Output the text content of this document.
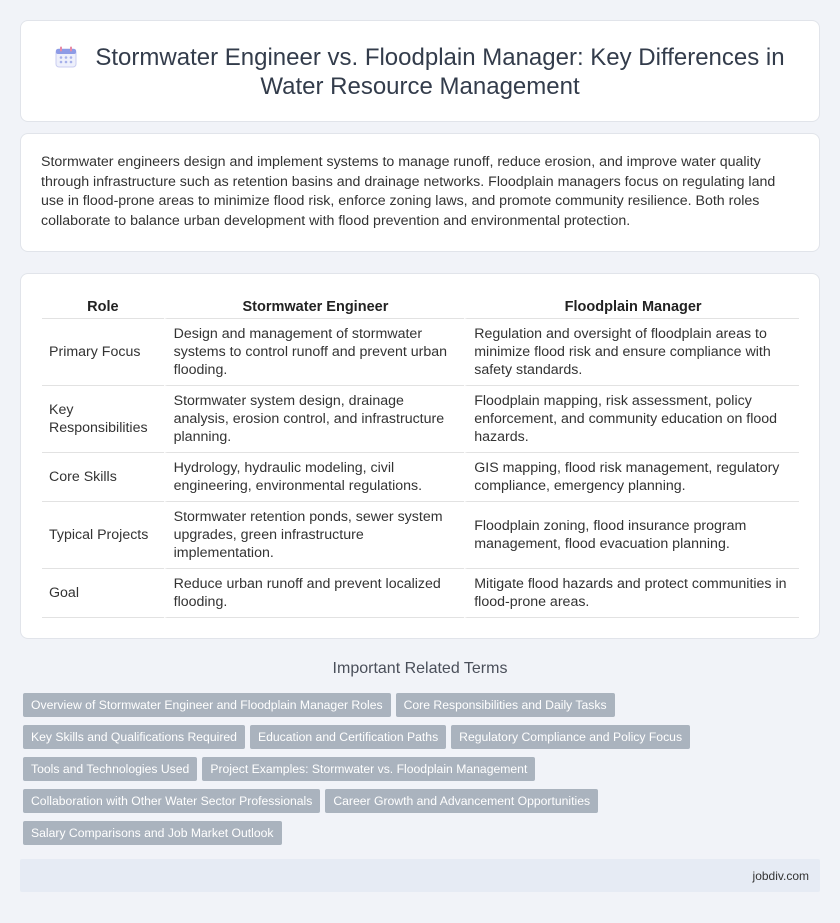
Stormwater Engineer vs. Floodplain Manager: Key Differences in
Water Resource Management

Stormwater engineers design and implement systems to manage runoff, reduce erosion, and improve water quality through infrastructure such as retention basins and drainage networks. Floodplain managers focus on regulating land use in flood-prone areas to minimize flood risk, enforce zoning laws, and promote community resilience. Both roles collaborate to balance urban development with flood prevention and environmental protection.

Role	Stormwater Engineer	Floodplain Manager
Primary Focus	Design and management of stormwater systems to control runoff and prevent urban flooding.	Regulation and oversight of floodplain areas to minimize flood risk and ensure compliance with safety standards.
Key Responsibilities	Stormwater system design, drainage analysis, erosion control, and infrastructure planning.	Floodplain mapping, risk assessment, policy enforcement, and community education on flood hazards.
Core Skills	Hydrology, hydraulic modeling, civil engineering, environmental regulations.	GIS mapping, flood risk management, regulatory compliance, emergency planning.
Typical Projects	Stormwater retention ponds, sewer system upgrades, green infrastructure implementation.	Floodplain zoning, flood insurance program management, flood evacuation planning.
Goal	Reduce urban runoff and prevent localized flooding.	Mitigate flood hazards and protect communities in flood-prone areas.
Important Related Terms
Overview of Stormwater Engineer and Floodplain Manager Roles Core Responsibilities and Daily Tasks
Key Skills and Qualifications Required Education and Certification Paths Regulatory Compliance and Policy Focus
Tools and Technologies Used Project Examples: Stormwater vs. Floodplain Management
Collaboration with Other Water Sector Professionals Career Growth and Advancement Opportunities
Salary Comparisons and Job Market Outlook
jobdiv.com
